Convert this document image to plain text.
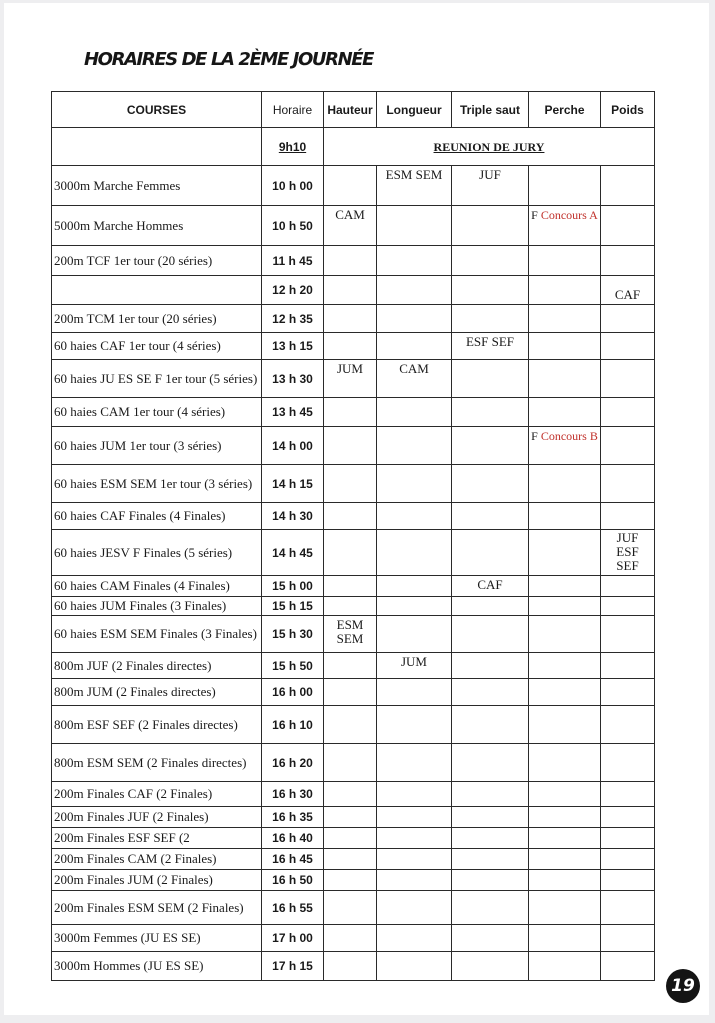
HORAIRES DE LA 2ÈME JOURNÉE
COURSES	Horaire	Hauteur	Longueur	Triple saut	Perche	Poids
	9h10	REUNION DE JURY				
3000m Marche Femmes	10 h 00		ESM SEM	JUF		

5000m Marche Hommes	10 h 50	CAM			F Concours A	

200m TCF 1er tour (20 séries)	11 h 45	

	12 h 20					CAF

200m TCM 1er tour (20 séries)	12 h 35	

60 haies CAF 1er tour (4 séries)	13 h 15			ESF SEF		

60 haies JU ES SE F 1er tour (5 séries)	13 h 30	JUM	CAM			

60 haies CAM 1er tour (4 séries)	13 h 45	

60 haies JUM 1er tour (3 séries)	14 h 00				F Concours B	

60 haies ESM SEM 1er tour (3 séries)	14 h 15	

60 haies CAF Finales (4 Finales)	14 h 30	

60 haies JESV F Finales (5 séries)	14 h 45					JUF ESF SEF

60 haies CAM Finales (4 Finales)	15 h 00			CAF		

60 haies JUM Finales (3 Finales)	15 h 15	

60 haies ESM SEM Finales (3 Finales)	15 h 30	ESM SEM				

800m JUF (2 Finales directes)	15 h 50		JUM			

800m JUM (2 Finales directes)	16 h 00	

800m ESF SEF (2 Finales directes)	16 h 10	

800m ESM SEM (2 Finales directes)	16 h 20	

200m Finales CAF (2 Finales)	16 h 30	

200m Finales JUF (2 Finales)	16 h 35	

200m Finales ESF SEF (2	16 h 40	

200m Finales CAM (2 Finales)	16 h 45	

200m Finales JUM (2 Finales)	16 h 50	

200m Finales ESM SEM (2 Finales)	16 h 55	

3000m Femmes (JU ES SE)	17 h 00	

3000m Hommes (JU ES SE)	17 h 15	

19
